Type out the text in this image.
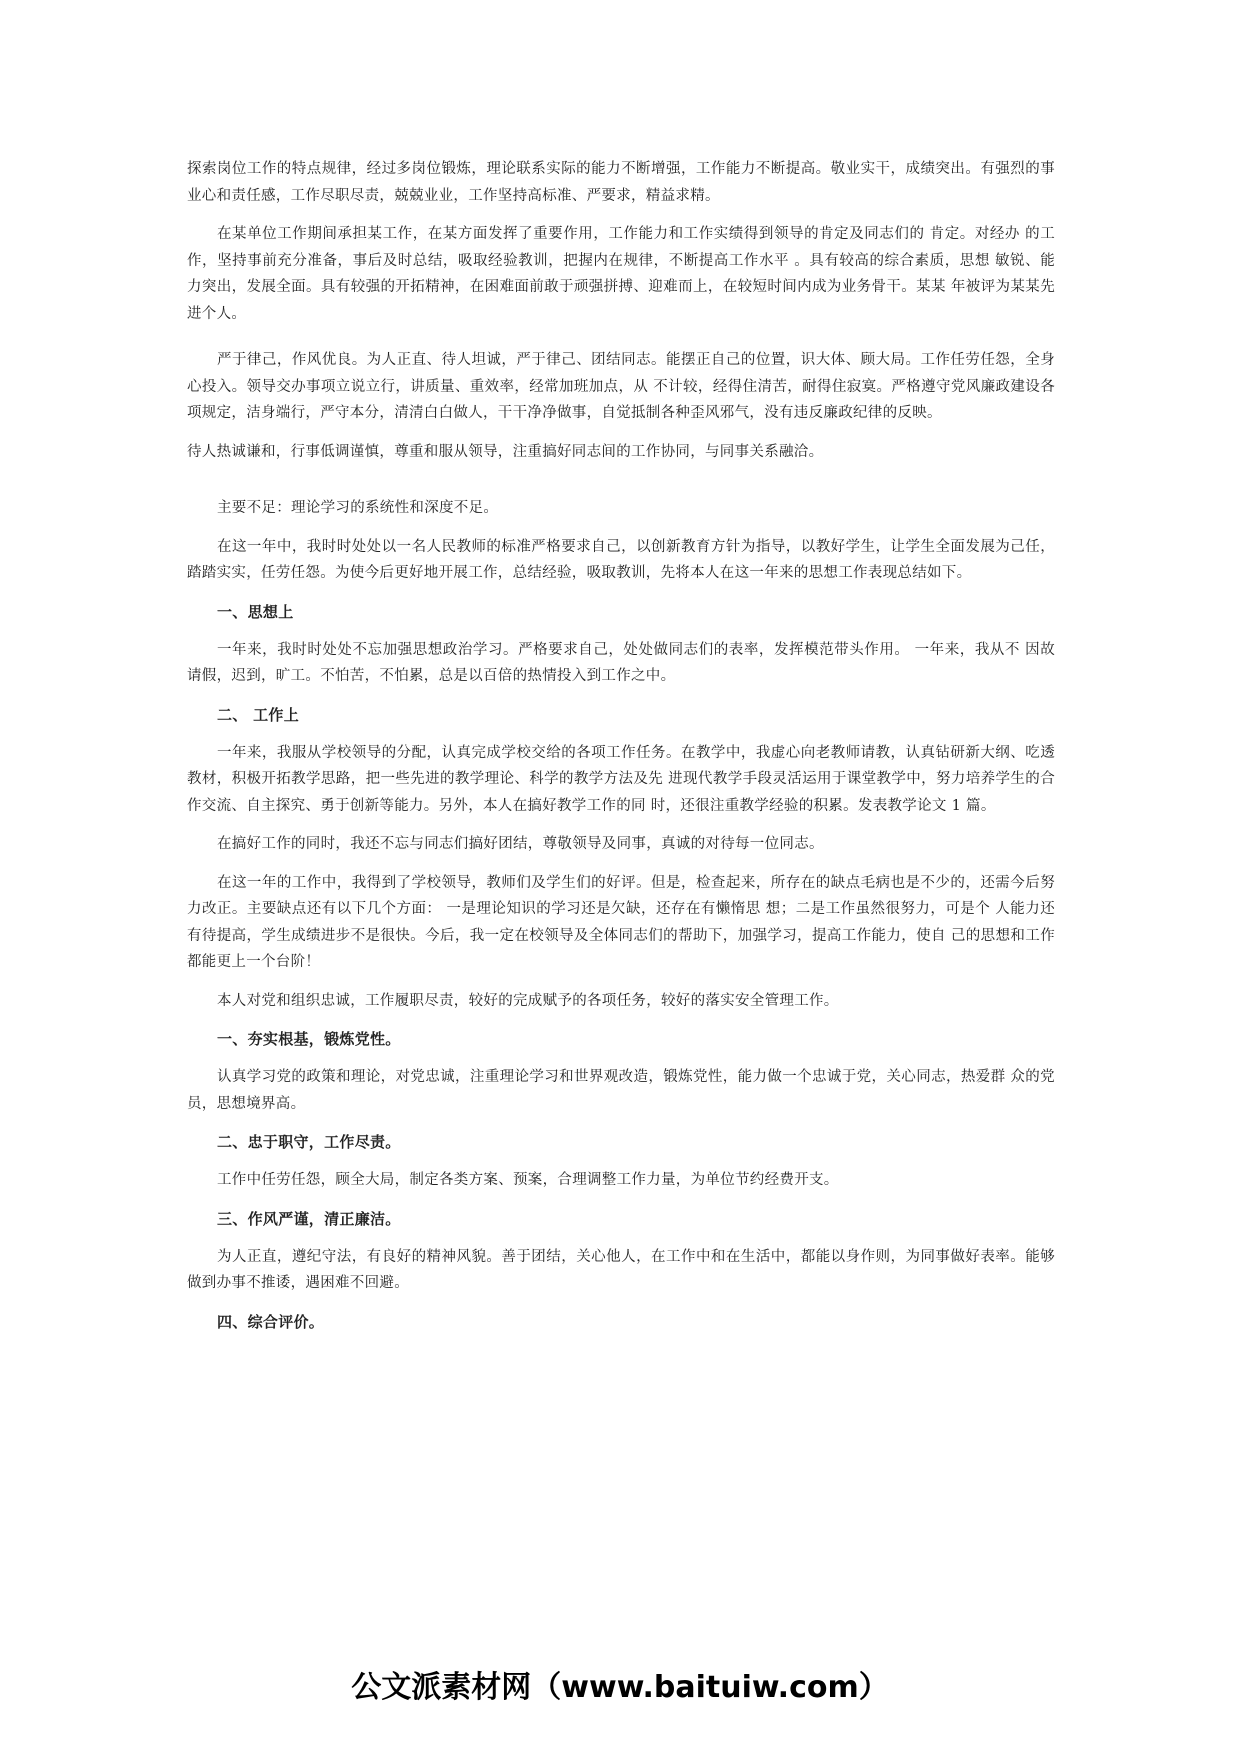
探索岗位工作的特点规律，经过多岗位锻炼，理论联系实际的能力不断增强，工作能力不断提高。敬业实干，成绩突出。有强烈的事业心和责任感，工作尽职尽责，兢兢业业，工作坚持高标准、严要求，精益求精。

在某单位工作期间承担某工作，在某方面发挥了重要作用，工作能力和工作实绩得到领导的肯定及同志们的 肯定。对经办 的工作，坚持事前充分准备，事后及时总结，吸取经验教训，把握内在规律，不断提高工作水平 。具有较高的综合素质，思想 敏锐、能力突出，发展全面。具有较强的开拓精神，在困难面前敢于顽强拼搏、迎难而上，在较短时间内成为业务骨干。某某 年被评为某某先进个人。

严于律己，作风优良。为人正直、待人坦诚，严于律己、团结同志。能摆正自己的位置，识大体、顾大局。工作任劳任怨，全身心投入。领导交办事项立说立行，讲质量、重效率，经常加班加点，从 不计较，经得住清苦，耐得住寂寞。严格遵守党风廉政建设各项规定，洁身端行，严守本分，清清白白做人，干干净净做事，自觉抵制各种歪风邪气，没有违反廉政纪律的反映。

待人热诚谦和，行事低调谨慎，尊重和服从领导，注重搞好同志间的工作协同，与同事关系融洽。

主要不足：理论学习的系统性和深度不足。

在这一年中，我时时处处以一名人民教师的标准严格要求自己，以创新教育方针为指导，以教好学生，让学生全面发展为己任，踏踏实实，任劳任怨。为使今后更好地开展工作，总结经验，吸取教训，先将本人在这一年来的思想工作表现总结如下。

一、思想上

一年来，我时时处处不忘加强思想政治学习。严格要求自己，处处做同志们的表率，发挥模范带头作用。 一年来，我从不 因故请假，迟到，旷工。不怕苦，不怕累，总是以百倍的热情投入到工作之中。

二、 工作上

一年来，我服从学校领导的分配，认真完成学校交给的各项工作任务。在教学中，我虚心向老教师请教，认真钻研新大纲、吃透教材，积极开拓教学思路，把一些先进的教学理论、科学的教学方法及先 进现代教学手段灵活运用于课堂教学中，努力培养学生的合作交流、自主探究、勇于创新等能力。另外，本人在搞好教学工作的同 时，还很注重教学经验的积累。发表教学论文 1 篇。

在搞好工作的同时，我还不忘与同志们搞好团结，尊敬领导及同事，真诚的对待每一位同志。

在这一年的工作中，我得到了学校领导，教师们及学生们的好评。但是，检查起来，所存在的缺点毛病也是不少的，还需今后努力改正。主要缺点还有以下几个方面： 一是理论知识的学习还是欠缺，还存在有懒惰思 想；二是工作虽然很努力，可是个 人能力还有待提高，学生成绩进步不是很快。今后，我一定在校领导及全体同志们的帮助下，加强学习，提高工作能力，使自 己的思想和工作都能更上一个台阶！

本人对党和组织忠诚，工作履职尽责，较好的完成赋予的各项任务，较好的落实安全管理工作。

一、夯实根基，锻炼党性。

认真学习党的政策和理论，对党忠诚，注重理论学习和世界观改造，锻炼党性，能力做一个忠诚于党，关心同志，热爱群 众的党员，思想境界高。

二、忠于职守，工作尽责。

工作中任劳任怨，顾全大局，制定各类方案、预案，合理调整工作力量，为单位节约经费开支。

三、作风严谨，清正廉洁。

为人正直，遵纪守法，有良好的精神风貌。善于团结，关心他人，在工作中和在生活中，都能以身作则，为同事做好表率。能够做到办事不推诿，遇困难不回避。

四、综合评价。
公文派素材网（www.baituiw.com）
